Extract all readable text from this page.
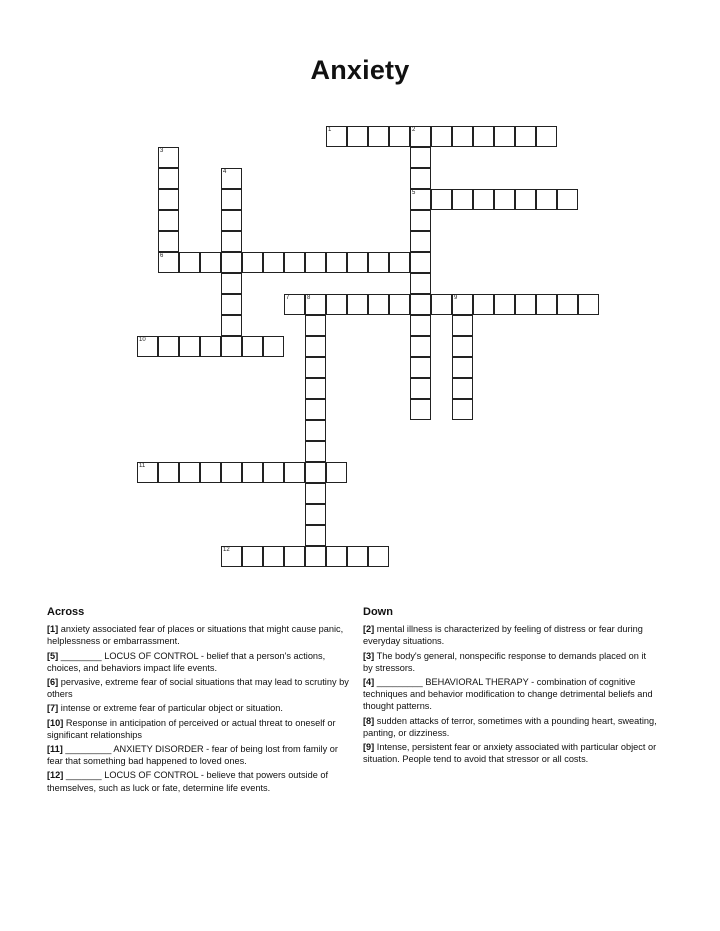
Anxiety
1	2
5
3
6
4
7	8	9
10
11
12
Across
[1] anxiety associated fear of places or situations that might cause panic, helplessness or embarrassment.
[5] ________ LOCUS OF CONTROL - belief that a person's actions, choices, and behaviors impact life events.
[6] pervasive, extreme fear of social situations that may lead to scrutiny by others
[7] intense or extreme fear of particular object or situation.
[10] Response in anticipation of perceived or actual threat to oneself or significant relationships
[11] _________ ANXIETY DISORDER - fear of being lost from family or fear that something bad happened to loved ones.
[12] _______ LOCUS OF CONTROL - believe that powers outside of themselves, such as luck or fate, determine life events.
Down
[2] mental illness is characterized by feeling of distress or fear during everyday situations.
[3] The body's general, nonspecific response to demands placed on it by stressors.
[4] _________ BEHAVIORAL THERAPY - combination of cognitive techniques and behavior modification to change detrimental beliefs and thought patterns.
[8] sudden attacks of terror, sometimes with a pounding heart, sweating, panting, or dizziness.
[9] Intense, persistent fear or anxiety associated with particular object or situation. People tend to avoid that stressor or all costs.
